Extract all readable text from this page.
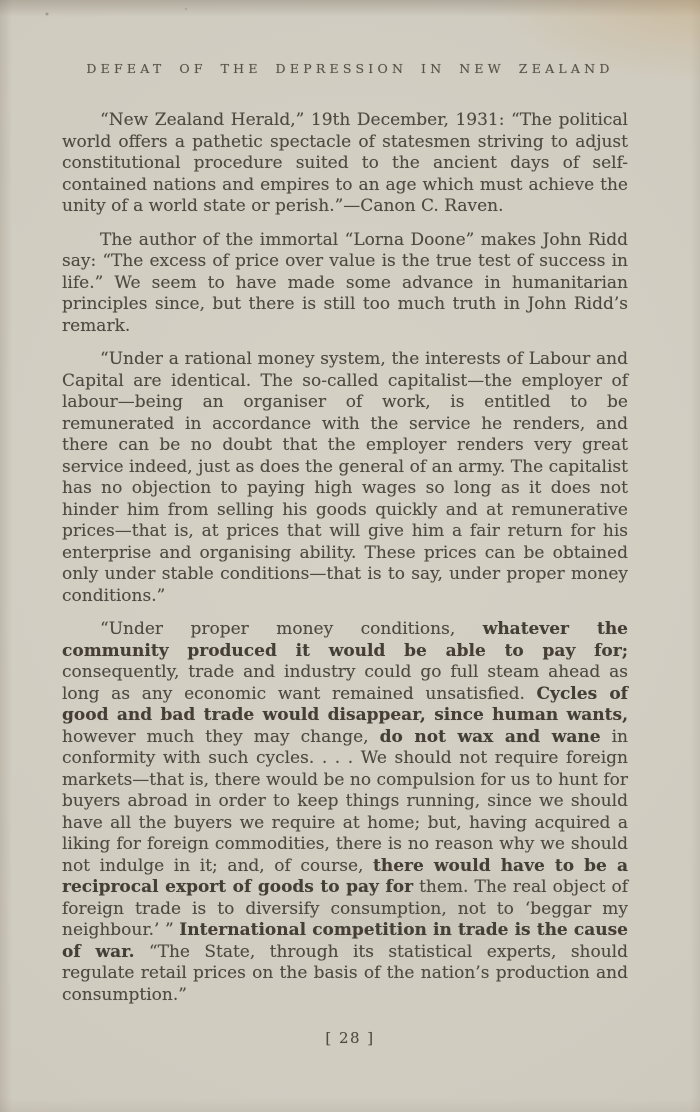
DEFEAT OF THE DEPRESSION IN NEW ZEALAND

“New Zealand Herald,” 19th December, 1931: “The political world offers a pathetic spectacle of statesmen striving to adjust constitutional procedure suited to the ancient days of self-contained nations and empires to an age which must achieve the unity of a world state or perish.”—Canon C. Raven.

The author of the immortal “Lorna Doone” makes John Ridd say: “The excess of price over value is the true test of success in life.” We seem to have made some advance in humanitarian principles since, but there is still too much truth in John Ridd’s remark.

“Under a rational money system, the interests of Labour and Capital are identical. The so-called capitalist—the employer of labour—being an organiser of work, is entitled to be remunerated in accordance with the service he renders, and there can be no doubt that the employer renders very great service indeed, just as does the general of an army. The capitalist has no objection to paying high wages so long as it does not hinder him from selling his goods quickly and at remunerative prices—that is, at prices that will give him a fair return for his enterprise and organising ability. These prices can be obtained only under stable conditions—that is to say, under proper money conditions.”

“Under proper money conditions, whatever the community produced it would be able to pay for; consequently, trade and industry could go full steam ahead as long as any economic want remained unsatisfied. Cycles of good and bad trade would disappear, since human wants, however much they may change, do not wax and wane in conformity with such cycles. . . . We should not require foreign markets—that is, there would be no compulsion for us to hunt for buyers abroad in order to keep things running, since we should have all the buyers we require at home; but, having acquired a liking for foreign commodities, there is no reason why we should not indulge in it; and, of course, there would have to be a reciprocal export of goods to pay for them. The real object of foreign trade is to diversify consumption, not to ‘beggar my neighbour.’ ” International competition in trade is the cause of war. “The State, through its statistical experts, should regulate retail prices on the basis of the nation’s production and consumption.”

[ 28 ]
